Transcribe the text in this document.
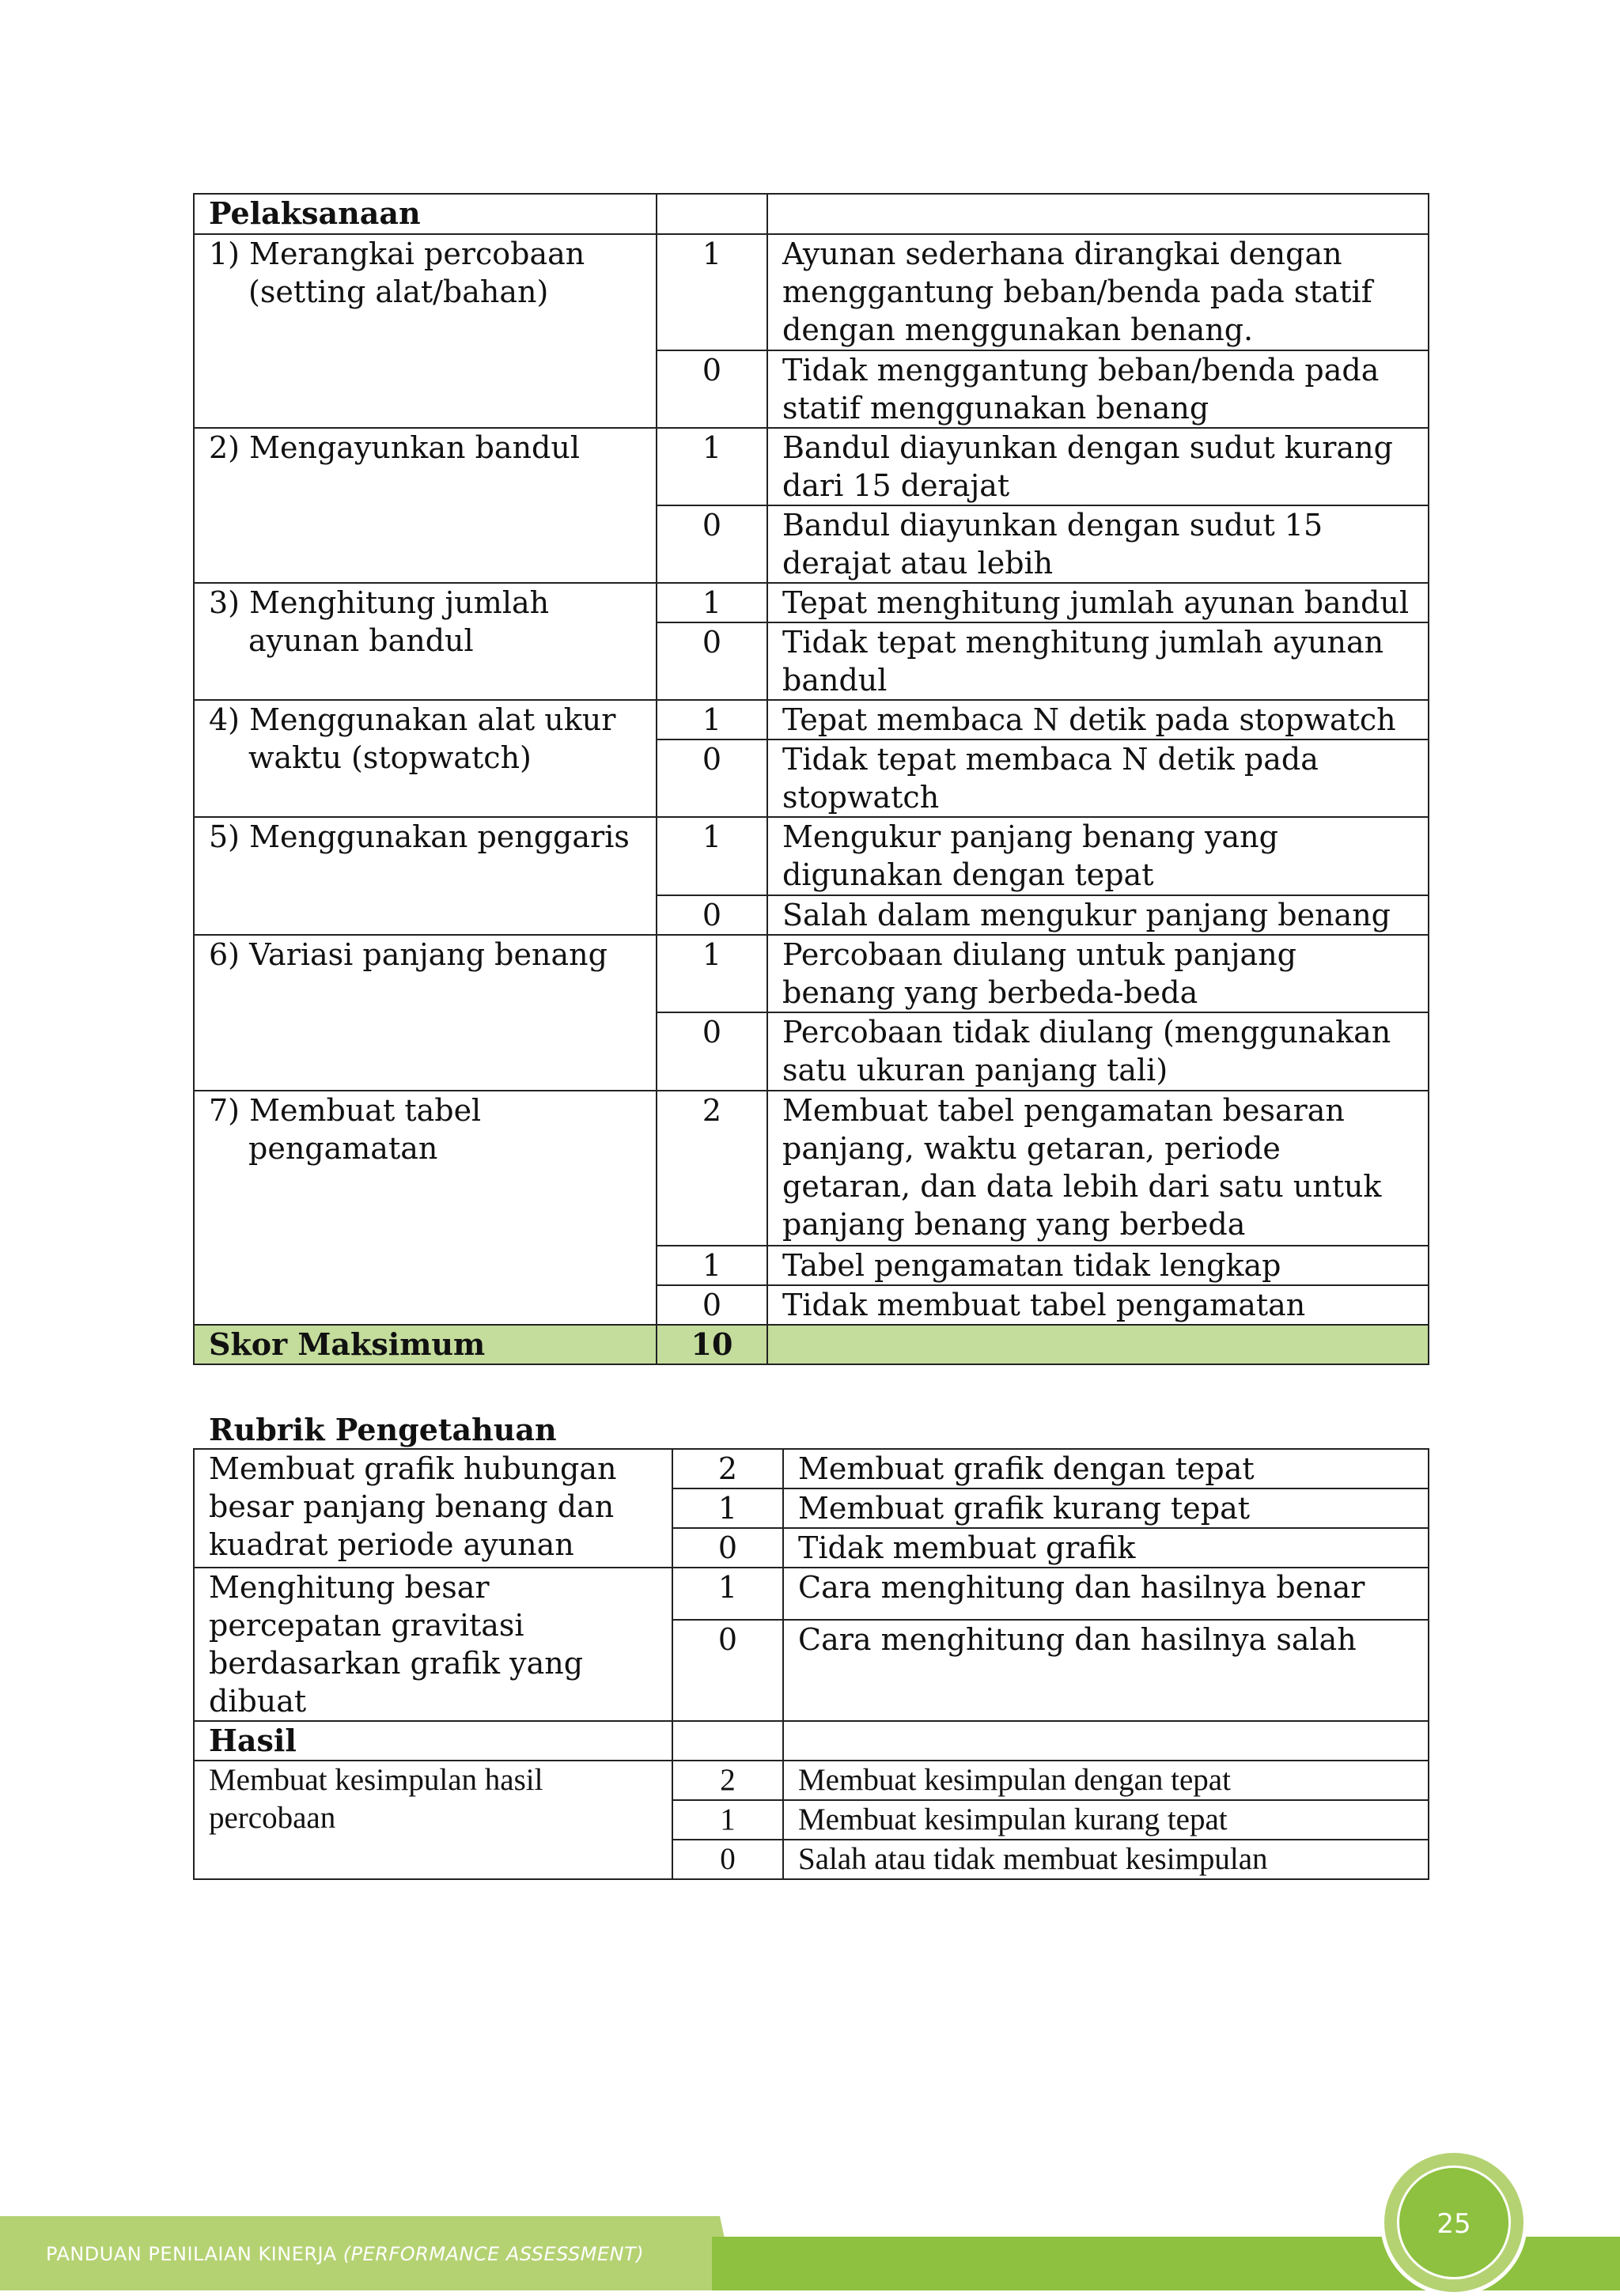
Pelaksanaan		

1) Merangkai percobaan (setting alat/bahan)	1	Ayunan sederhana dirangkai dengan menggantung beban/benda pada statif dengan menggunakan benang.
	0	Tidak menggantung beban/benda pada statif menggunakan benang

2) Mengayunkan bandul	1	Bandul diayunkan dengan sudut kurang dari 15 derajat
	0	Bandul diayunkan dengan sudut 15 derajat atau lebih

3) Menghitung jumlah ayunan bandul	1	Tepat menghitung jumlah ayunan bandul
	0	Tidak tepat menghitung jumlah ayunan bandul

4) Menggunakan alat ukur waktu (stopwatch)	1	Tepat membaca N detik pada stopwatch
	0	Tidak tepat membaca N detik pada stopwatch

5) Menggunakan penggaris	1	Mengukur panjang benang yang digunakan dengan tepat
	0	Salah dalam mengukur panjang benang

6) Variasi panjang benang	1	Percobaan diulang untuk panjang benang yang berbeda-beda
	0	Percobaan tidak diulang (menggunakan satu ukuran panjang tali)

7) Membuat tabel pengamatan	2	Membuat tabel pengamatan besaran panjang, waktu getaran, periode getaran, dan data lebih dari satu untuk panjang benang yang berbeda
	1	Tabel pengamatan tidak lengkap
	0	Tidak membuat tabel pengamatan
Skor Maksimum	10	
Rubrik Pengetahuan
Membuat grafik hubungan besar panjang benang dan kuadrat periode ayunan	2	Membuat grafik dengan tepat
	1	Membuat grafik kurang tepat
	0	Tidak membuat grafik
Menghitung besar percepatan gravitasi berdasarkan grafik yang dibuat	1	Cara menghitung dan hasilnya benar
	0	Cara menghitung dan hasilnya salah
Hasil		
Membuat kesimpulan hasil percobaan	2	Membuat kesimpulan dengan tepat
	1	Membuat kesimpulan kurang tepat
	0	Salah atau tidak membuat kesimpulan
PANDUAN PENILAIAN KINERJA (PERFORMANCE ASSESSMENT)
25
